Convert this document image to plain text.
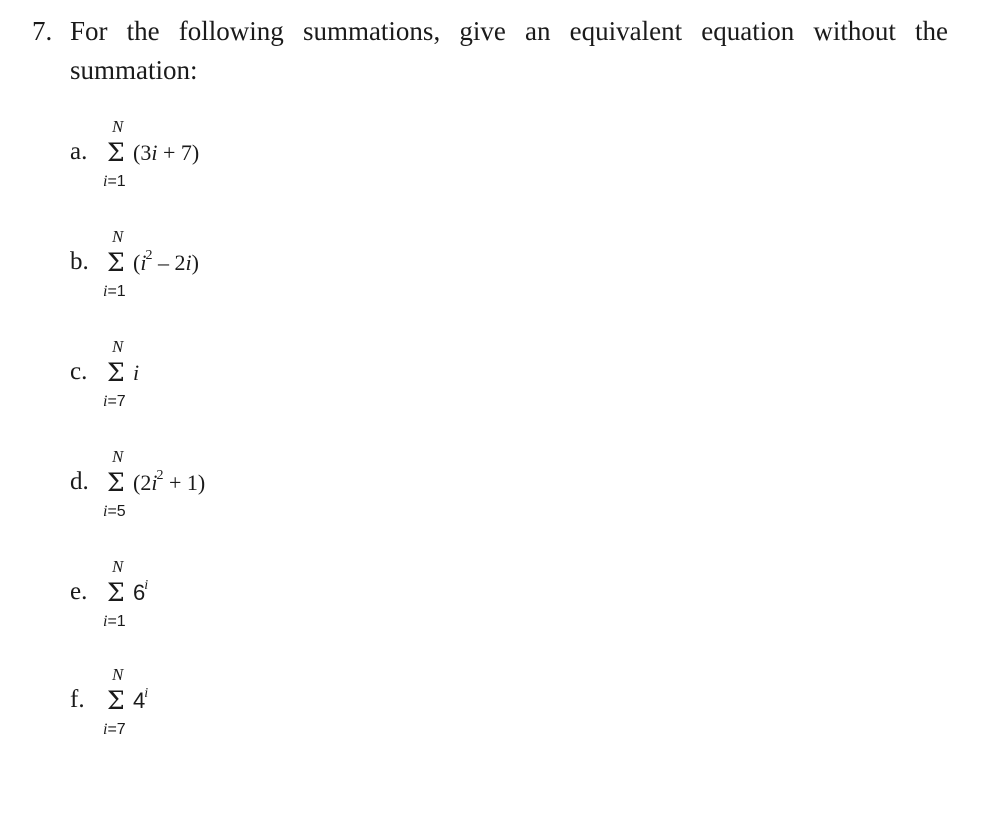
7. For the following summations, give an equivalent equation without the
summation:
a.
N
Σ
i=1
(3i + 7)
b.
N
Σ
i=1
$(i^2 - 2i)$
c.
N
Σ
i=7
i
d.
N
Σ
i=5
$(2i^2 + 1)$
e.
N
Σ
i=1
6$^i$
f.
N
Σ
i=7
4$^i$
